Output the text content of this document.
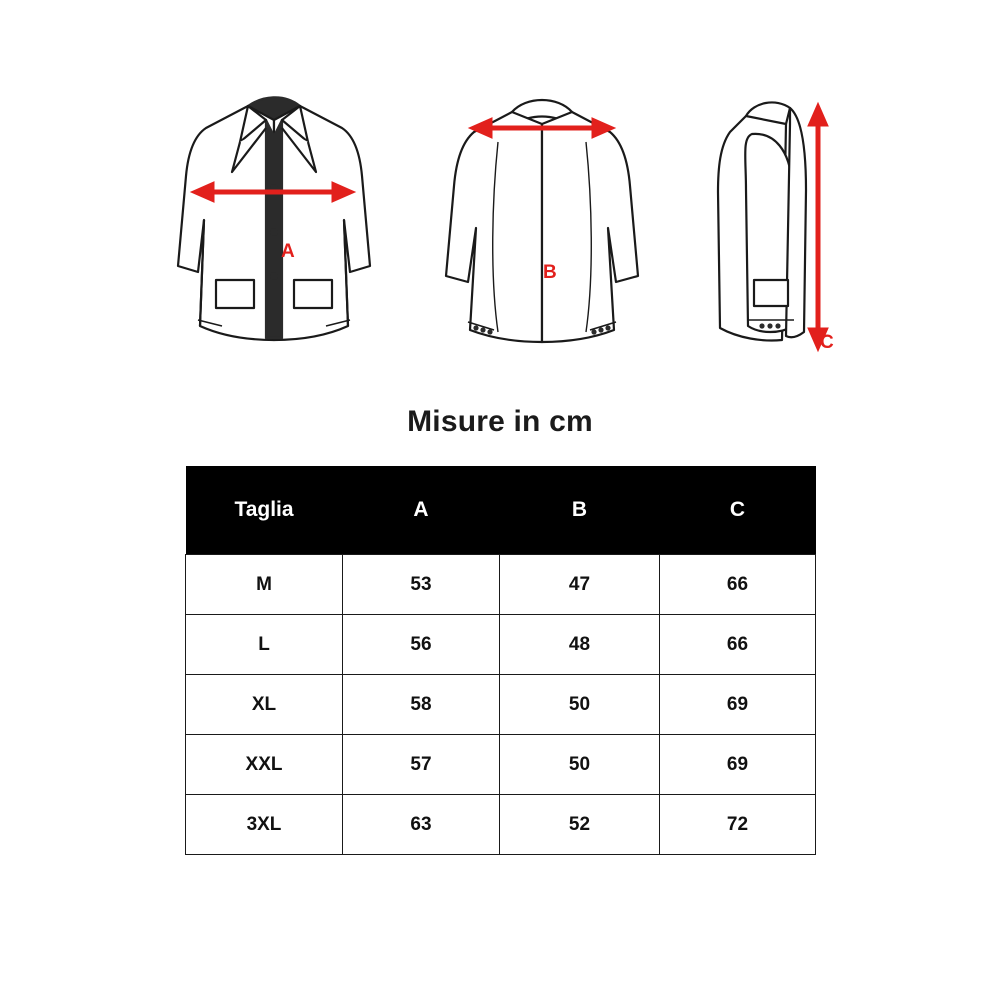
A
B
C
Misure in cm
Taglia	A	B	C
M	53	47	66
L	56	48	66
XL	58	50	69
XXL	57	50	69
3XL	63	52	72
